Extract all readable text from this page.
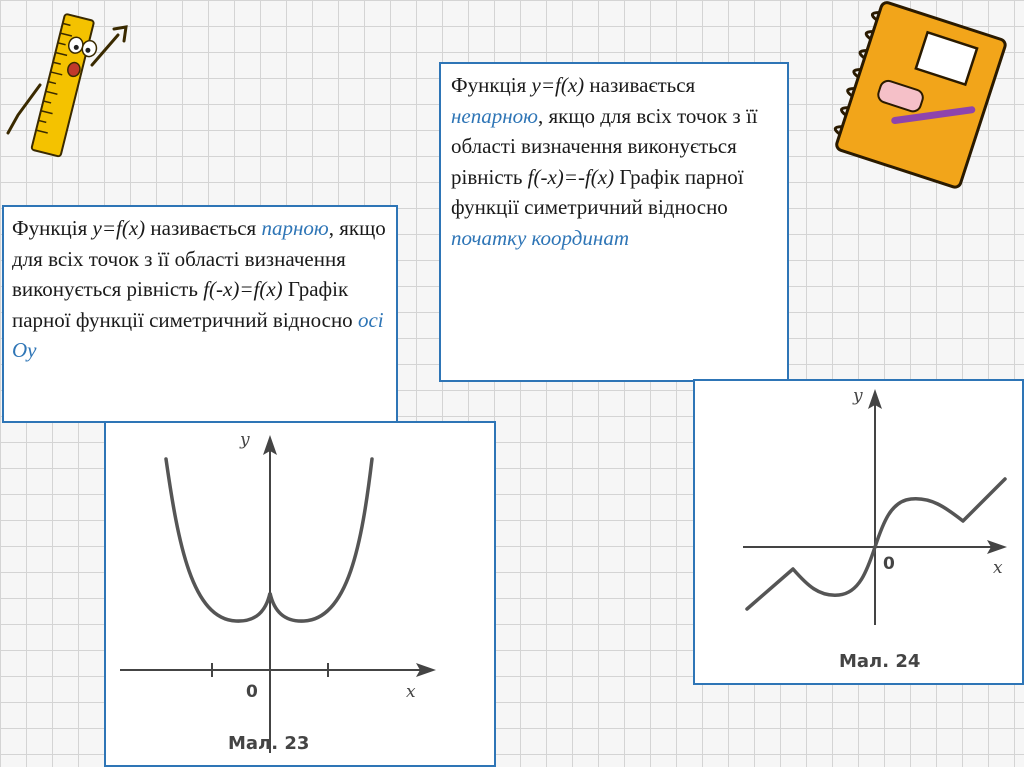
Функція y=f(x) називається парною, якщо для всіх точок з її області визначення виконується рівність f(-x)=f(x) Графік парної функції симетричний відносно осі Оу
Функція y=f(x) називається непарною, якщо для всіх точок з її області визначення виконується рівність f(-x)=-f(x) Графік парної функції симетричний відносно початку координат
y
x
0
Мал. 23
y
x
0
Мал. 24
